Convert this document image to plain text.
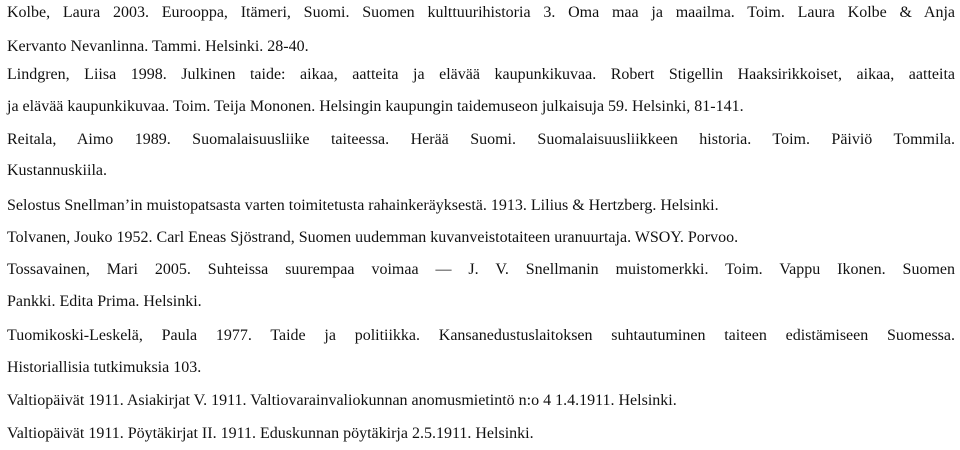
Kolbe, Laura 2003. Eurooppa, Itämeri, Suomi. Suomen kulttuurihistoria 3. Oma maa ja maailma. Toim. Laura Kolbe & Anja
Kervanto Nevanlinna. Tammi. Helsinki. 28-40.
Lindgren, Liisa 1998. Julkinen taide: aikaa, aatteita ja elävää kaupunkikuvaa. Robert Stigellin Haaksirikkoiset, aikaa, aatteita
ja elävää kaupunkikuvaa. Toim. Teija Mononen. Helsingin kaupungin taidemuseon julkaisuja 59. Helsinki, 81-141.
Reitala, Aimo 1989. Suomalaisuusliike taiteessa. Herää Suomi. Suomalaisuusliikkeen historia. Toim. Päiviö Tommila.
Kustannuskiila.
Selostus Snellman’in muistopatsasta varten toimitetusta rahainkeräyksestä. 1913. Lilius & Hertzberg. Helsinki.
Tolvanen, Jouko 1952. Carl Eneas Sjöstrand, Suomen uudemman kuvanveistotaiteen uranuurtaja. WSOY. Porvoo.
Tossavainen, Mari 2005. Suhteissa suurempaa voimaa — J. V. Snellmanin muistomerkki. Toim. Vappu Ikonen. Suomen
Pankki. Edita Prima. Helsinki.
Tuomikoski-Leskelä, Paula 1977. Taide ja politiikka. Kansanedustuslaitoksen suhtautuminen taiteen edistämiseen Suomessa.
Historiallisia tutkimuksia 103.
Valtiopäivät 1911. Asiakirjat V. 1911. Valtiovarainvaliokunnan anomusmietintö n:o 4 1.4.1911. Helsinki.
Valtiopäivät 1911. Pöytäkirjat II. 1911. Eduskunnan pöytäkirja 2.5.1911. Helsinki.
